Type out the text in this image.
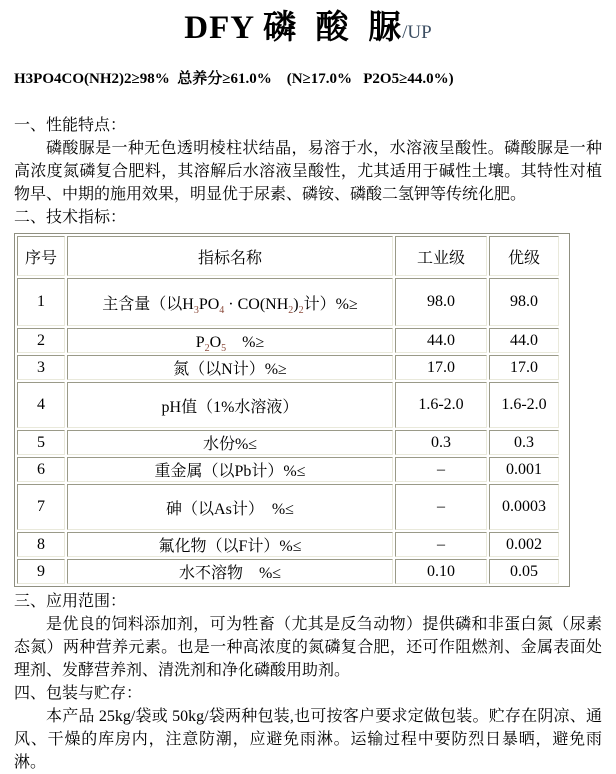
DFY 磷  酸  脲/UP
H3PO4CO(NH2)2≥98%  总养分≥61.0%    (N≥17.0%   P2O5≥44.0%)
一、性能特点：

磷酸脲是一种无色透明棱柱状结晶，易溶于水，水溶液呈酸性。磷酸脲是一种高浓度氮磷复合肥料，其溶解后水溶液呈酸性，尤其适用于碱性土壤。其特性对植物早、中期的施用效果，明显优于尿素、磷铵、磷酸二氢钾等传统化肥。

二、技术指标：
序号	指标名称	工业级	优级
1	主含量（以$H_3PO_4 \cdot CO(NH_2)_2$计）%≥	98.0	98.0
2	$P_2O_5$　%≥	44.0	44.0
3	氮（以N计）%≥	17.0	17.0
4	pH值（1%水溶液）	1.6-2.0	1.6-2.0
5	水份%≤	0.3	0.3
6	重金属（以Pb计）%≤	–	0.001
7	砷（以As计）　%≤	–	0.0003
8	氟化物（以F计）%≤	–	0.002
9	水不溶物　%≤	0.10	0.05
三、应用范围：

是优良的饲料添加剂，可为牲畜（尤其是反刍动物）提供磷和非蛋白氮（尿素态氮）两种营养元素。也是一种高浓度的氮磷复合肥，还可作阻燃剂、金属表面处理剂、发酵营养剂、清洗剂和净化磷酸用助剂。

四、包装与贮存：

本产品 25kg/袋或 50kg/袋两种包装,也可按客户要求定做包装。贮存在阴凉、通风、干燥的库房内，注意防潮，应避免雨淋。运输过程中要防烈日暴晒，避免雨淋。
